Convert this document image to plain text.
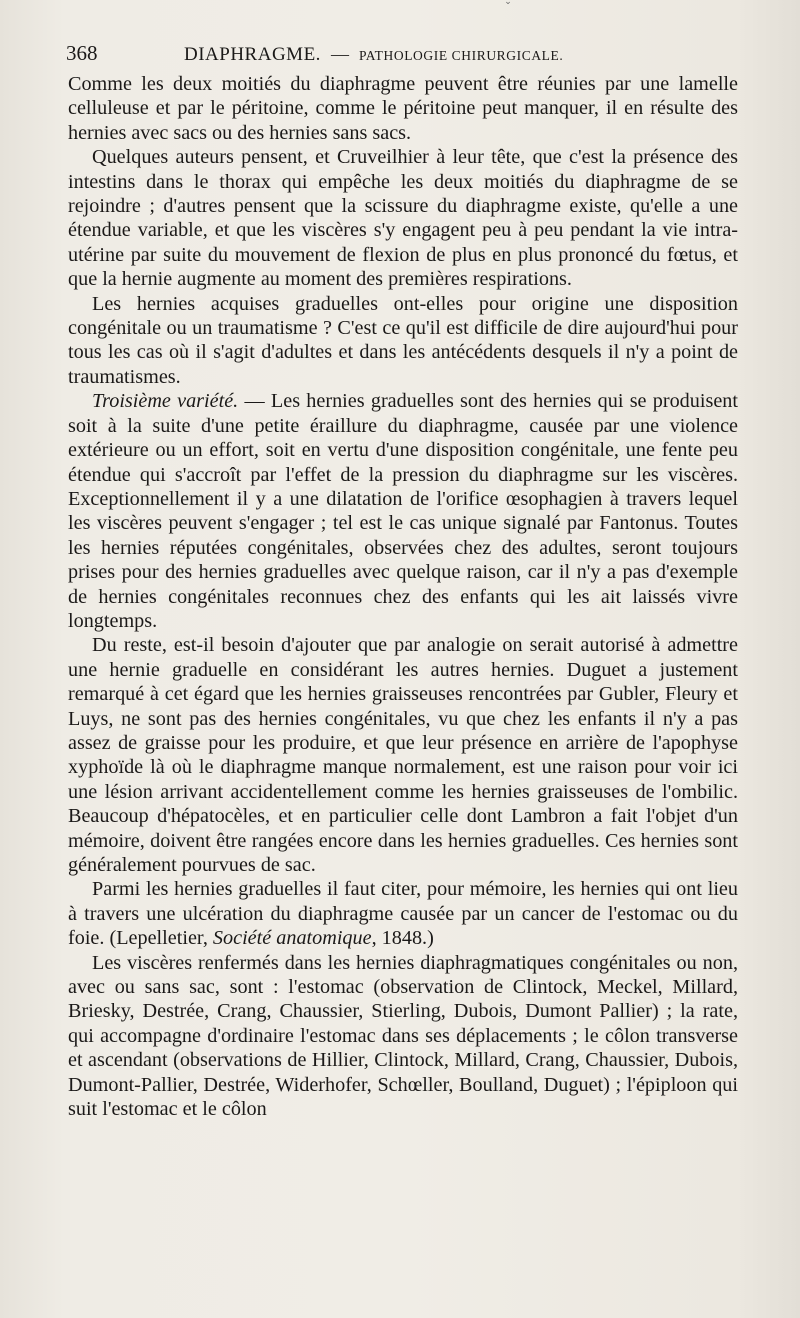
⌄
368	DIAPHRAGME. — PATHOLOGIE CHIRURGICALE.

Comme les deux moitiés du diaphragme peuvent être réunies par une lamelle celluleuse et par le péritoine, comme le péritoine peut manquer, il en résulte des hernies avec sacs ou des hernies sans sacs.

Quelques auteurs pensent, et Cruveilhier à leur tête, que c'est la présence des intestins dans le thorax qui empêche les deux moitiés du diaphragme de se rejoindre ; d'autres pensent que la scissure du diaphragme existe, qu'elle a une étendue variable, et que les viscères s'y engagent peu à peu pendant la vie intra-utérine par suite du mouvement de flexion de plus en plus prononcé du fœtus, et que la hernie augmente au moment des premières respirations.

Les hernies acquises graduelles ont-elles pour origine une disposition congénitale ou un traumatisme ? C'est ce qu'il est difficile de dire aujourd'hui pour tous les cas où il s'agit d'adultes et dans les antécédents desquels il n'y a point de traumatismes.

Troisième variété. — Les hernies graduelles sont des hernies qui se produisent soit à la suite d'une petite éraillure du diaphragme, causée par une violence extérieure ou un effort, soit en vertu d'une disposition congénitale, une fente peu étendue qui s'accroît par l'effet de la pression du diaphragme sur les viscères. Exceptionnellement il y a une dilatation de l'orifice œsophagien à travers lequel les viscères peuvent s'engager ; tel est le cas unique signalé par Fantonus. Toutes les hernies réputées congénitales, observées chez des adultes, seront toujours prises pour des hernies graduelles avec quelque raison, car il n'y a pas d'exemple de hernies congénitales reconnues chez des enfants qui les ait laissés vivre longtemps.

Du reste, est-il besoin d'ajouter que par analogie on serait autorisé à admettre une hernie graduelle en considérant les autres hernies. Duguet a justement remarqué à cet égard que les hernies graisseuses rencontrées par Gubler, Fleury et Luys, ne sont pas des hernies congénitales, vu que chez les enfants il n'y a pas assez de graisse pour les produire, et que leur présence en arrière de l'apophyse xyphoïde là où le diaphragme manque normalement, est une raison pour voir ici une lésion arrivant accidentellement comme les hernies graisseuses de l'ombilic. Beaucoup d'hépatocèles, et en particulier celle dont Lambron a fait l'objet d'un mémoire, doivent être rangées encore dans les hernies graduelles. Ces hernies sont généralement pourvues de sac.

Parmi les hernies graduelles il faut citer, pour mémoire, les hernies qui ont lieu à travers une ulcération du diaphragme causée par un cancer de l'estomac ou du foie. (Lepelletier, Société anatomique, 1848.)

Les viscères renfermés dans les hernies diaphragmatiques congénitales ou non, avec ou sans sac, sont : l'estomac (observation de Clintock, Meckel, Millard, Briesky, Destrée, Crang, Chaussier, Stierling, Dubois, Dumont Pallier) ; la rate, qui accompagne d'ordinaire l'estomac dans ses déplacements ; le côlon transverse et ascendant (observations de Hillier, Clintock, Millard, Crang, Chaussier, Dubois, Dumont-Pallier, Destrée, Widerhofer, Schœller, Boulland, Duguet) ; l'épiploon qui suit l'estomac et le côlon
